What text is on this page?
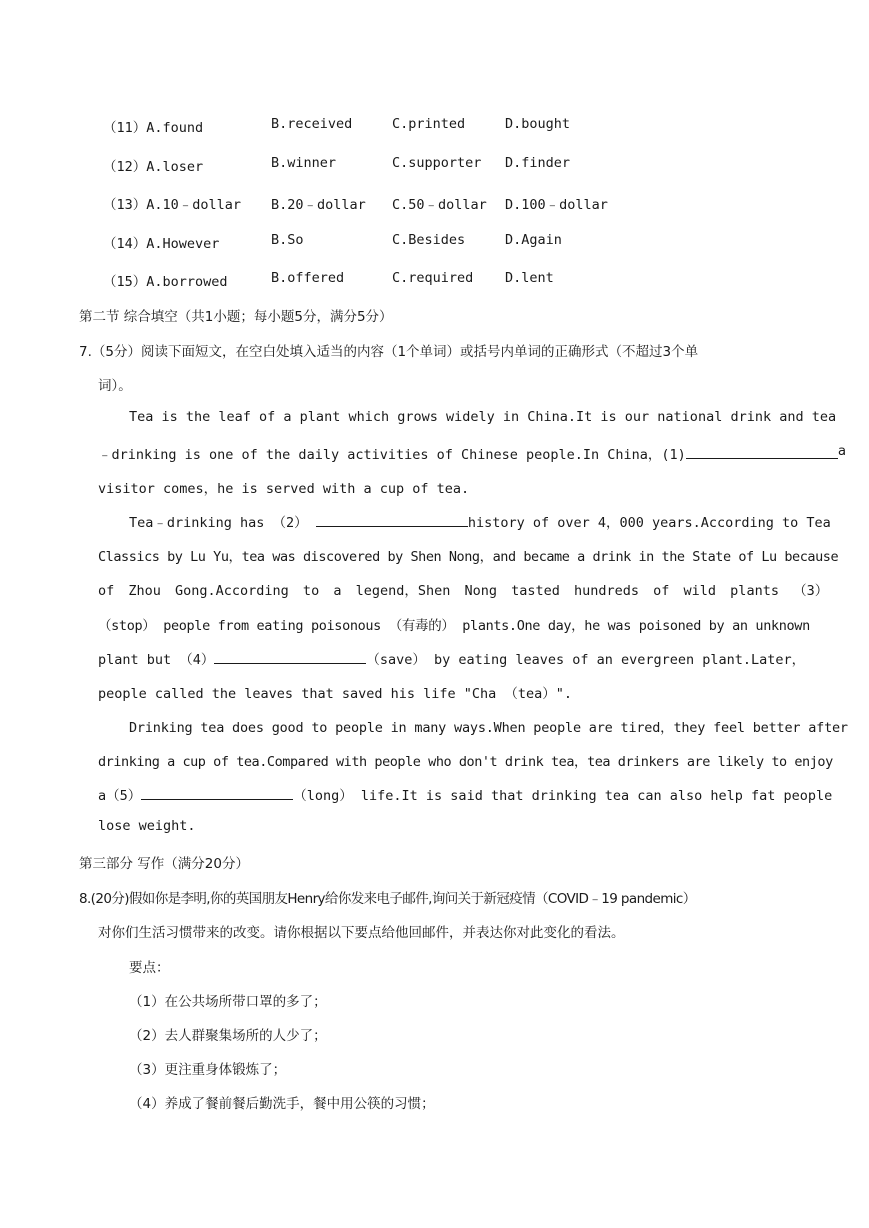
（11）A.found	B.received	C.printed	D.bought
（12）A.loser	B.winner	C.supporter D.finder
（13）A.10﹣dollar B.20﹣dollar C.50﹣dollar D.100﹣dollar
（14）A.However	B.So	C.Besides	D.Again
（15）A.borrowed	B.offered	C.required D.lent
第二节 综合填空（共1小题；每小题5分，满分5分）
7.（5分）阅读下面短文，在空白处填入适当的内容（1个单词）或括号内单词的正确形式（不超过3个单
词）。
Tea is the leaf of a plant which grows widely in China.It is our national drink and tea
﹣drinking is one of the daily activities of Chinese people.In China，(1)	a
visitor comes，he is served with a cup of tea.
Tea﹣drinking has （2）	history of over 4，000 years.According to Tea
Classics by Lu Yu，tea was discovered by Shen Nong，and became a drink in the State of Lu because
of Zhou Gong.According to a legend，Shen Nong tasted hundreds of wild plants （3）
（stop） people from eating poisonous （有毒的） plants.One day，he was poisoned by an unknown
plant but （4）	（save） by eating leaves of an evergreen plant.Later，
people called the leaves that saved his life "Cha （tea）".
Drinking tea does good to people in many ways.When people are tired，they feel better after
drinking a cup of tea.Compared with people who don't drink tea，tea drinkers are likely to enjoy
a（5）	（long） life.It is said that drinking tea can also help fat people
lose weight.
第三部分 写作（满分20分）
8.(20分)假如你是李明,你的英国朋友Henry给你发来电子邮件,询问关于新冠疫情（COVID﹣19 pandemic）
对你们生活习惯带来的改变。请你根据以下要点给他回邮件，并表达你对此变化的看法。
要点：
（1）在公共场所带口罩的多了；
（2）去人群聚集场所的人少了；
（3）更注重身体锻炼了；
（4）养成了餐前餐后勤洗手，餐中用公筷的习惯；
